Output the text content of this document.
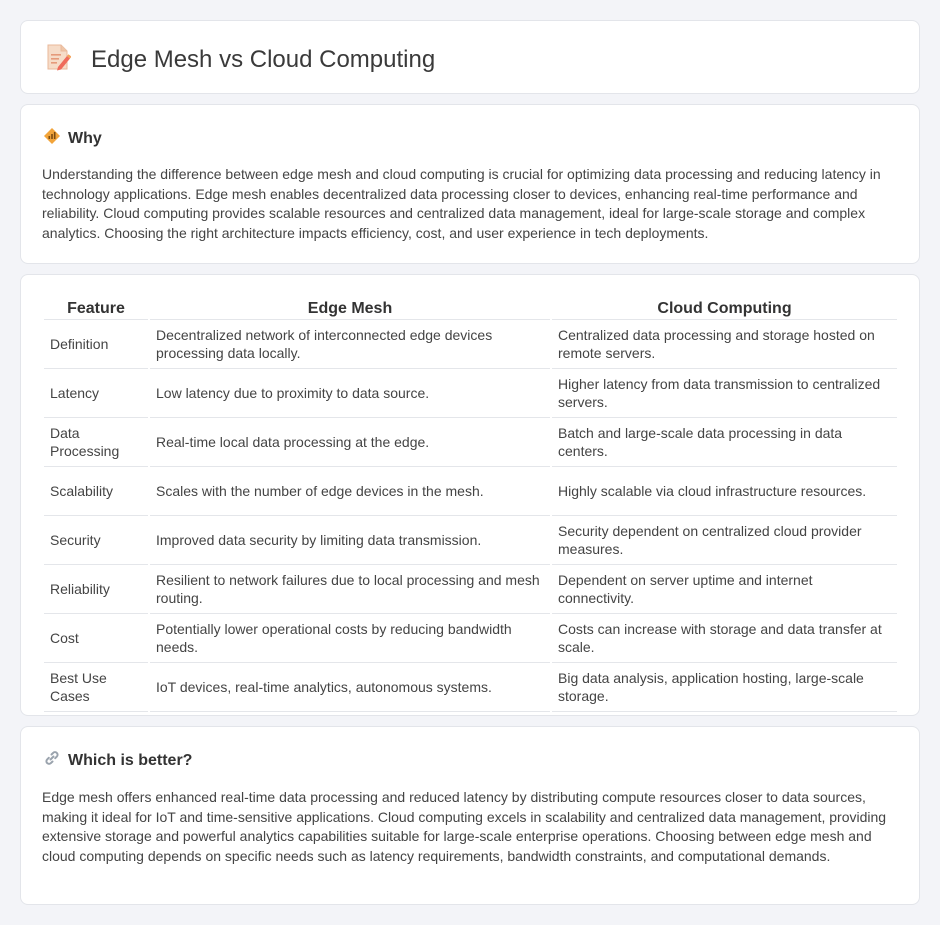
Edge Mesh vs Cloud Computing
Why

Understanding the difference between edge mesh and cloud computing is crucial for optimizing data processing and reducing latency in technology applications. Edge mesh enables decentralized data processing closer to devices, enhancing real-time performance and reliability. Cloud computing provides scalable resources and centralized data management, ideal for large-scale storage and complex analytics. Choosing the right architecture impacts efficiency, cost, and user experience in tech deployments.

Feature	Edge Mesh	Cloud Computing
Definition	Decentralized network of interconnected edge devices processing data locally.	Centralized data processing and storage hosted on remote servers.
Latency	Low latency due to proximity to data source.	Higher latency from data transmission to centralized servers.
Data Processing	Real-time local data processing at the edge.	Batch and large-scale data processing in data centers.
Scalability	Scales with the number of edge devices in the mesh.	Highly scalable via cloud infrastructure resources.
Security	Improved data security by limiting data transmission.	Security dependent on centralized cloud provider measures.
Reliability	Resilient to network failures due to local processing and mesh routing.	Dependent on server uptime and internet connectivity.
Cost	Potentially lower operational costs by reducing bandwidth needs.	Costs can increase with storage and data transfer at scale.
Best Use Cases	IoT devices, real-time analytics, autonomous systems.	Big data analysis, application hosting, large-scale storage.
Which is better?

Edge mesh offers enhanced real-time data processing and reduced latency by distributing compute resources closer to data sources, making it ideal for IoT and time-sensitive applications. Cloud computing excels in scalability and centralized data management, providing extensive storage and powerful analytics capabilities suitable for large-scale enterprise operations. Choosing between edge mesh and cloud computing depends on specific needs such as latency requirements, bandwidth constraints, and computational demands.
